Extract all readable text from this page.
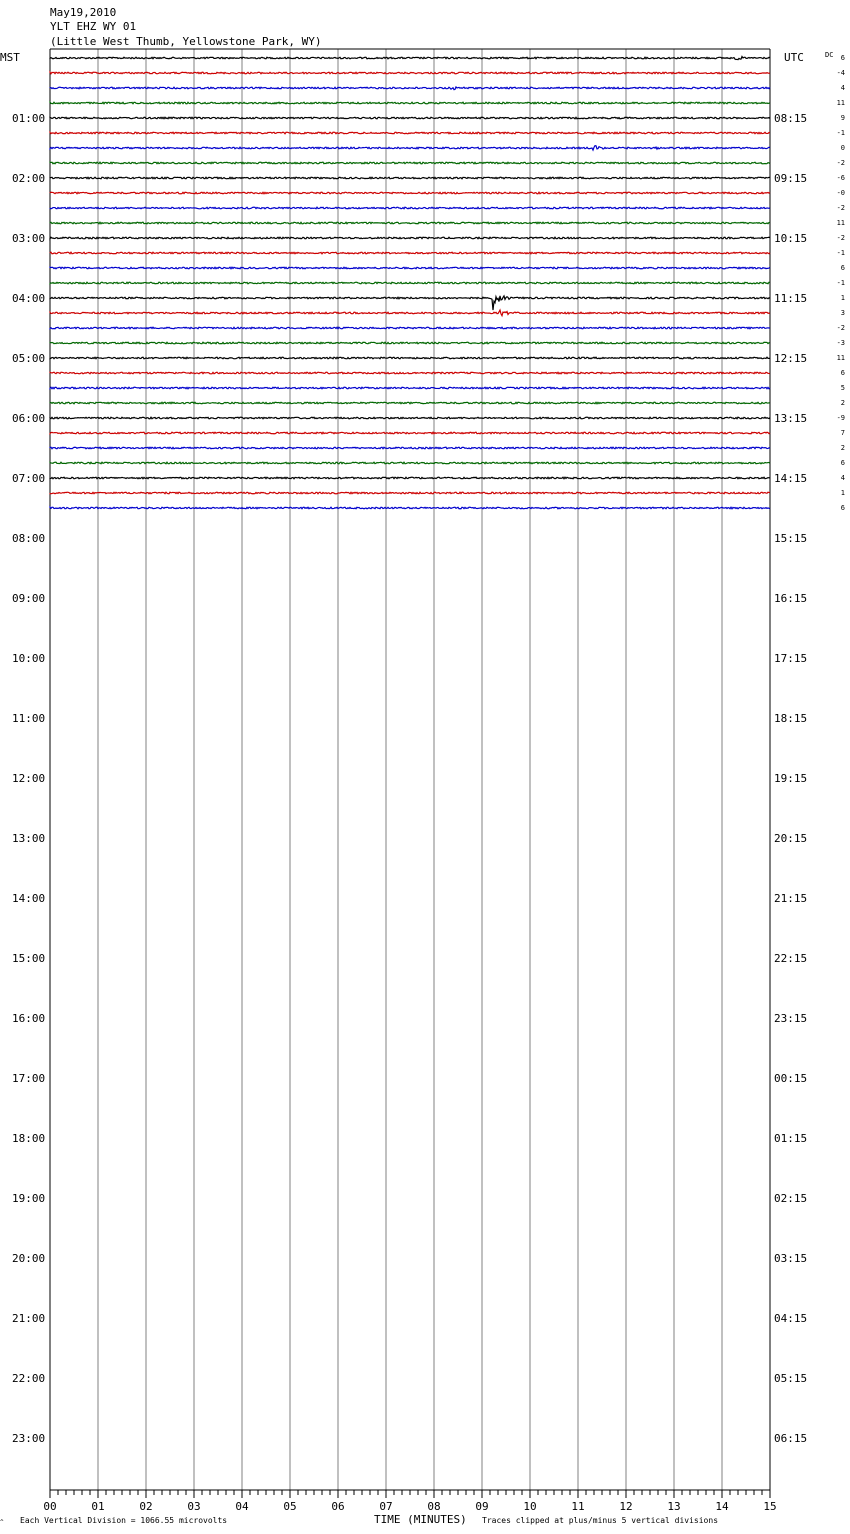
May19,2010
YLT EHZ WY 01
(Little West Thumb, Yellowstone Park, WY)
MST	UTC	DC
01:00
02:00
03:00
04:00
05:00
06:00
07:00
08:00
09:00
10:00
11:00
12:00
13:00
14:00
15:00
16:00
17:00
18:00
19:00
20:00
21:00
22:00
23:00
08:15
09:15
10:15
11:15
12:15
13:15
14:15
15:15
16:15
17:15
18:15
19:15
20:15
21:15
22:15
23:15
00:15
01:15
02:15
03:15
04:15
05:15
06:15
6
-4
4
11
9
-1
0
-2
-6
-0
-2
11
-2
-1
6
-1
1
3
-2
-3
11
6
5
2
-9
7
2
6
4
1
6
00	01	02	03	04	05	06	07	08	09	10	11	12	13	14	15
^ Each Vertical Division = 1066.55 microvolts	TIME (MINUTES) Traces clipped at plus/minus 5 vertical divisions
